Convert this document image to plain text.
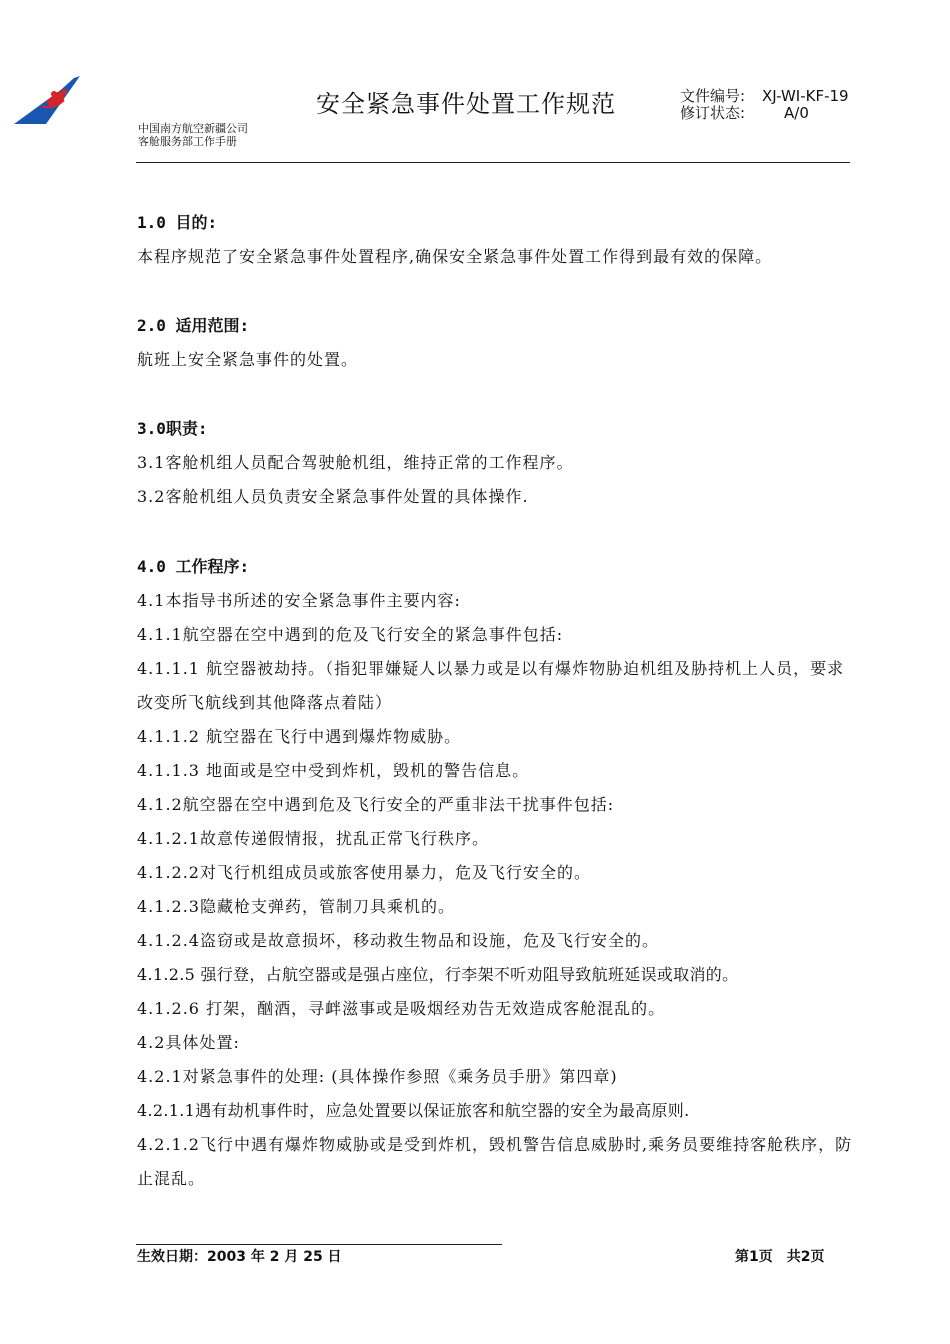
安全紧急事件处置工作规范	文件编号: XJ-WI-KF-19
修订状态:	A/0
中国南方航空新疆公司
客舱服务部工作手册
1.0 目的:
本程序规范了安全紧急事件处置程序,确保安全紧急事件处置工作得到最有效的保障。
2.0 适用范围:
航班上安全紧急事件的处置。
3.0职责:
3.1客舱机组人员配合驾驶舱机组，维持正常的工作程序。
3.2客舱机组人员负责安全紧急事件处置的具体操作.
4.0 工作程序:
4.1本指导书所述的安全紧急事件主要内容:
4.1.1航空器在空中遇到的危及飞行安全的紧急事件包括:
4.1.1.1 航空器被劫持。（指犯罪嫌疑人以暴力或是以有爆炸物胁迫机组及胁持机上人员，要求改变所飞航线到其他降落点着陆）
4.1.1.2 航空器在飞行中遇到爆炸物威胁。
4.1.1.3 地面或是空中受到炸机，毁机的警告信息。
4.1.2航空器在空中遇到危及飞行安全的严重非法干扰事件包括:
4.1.2.1故意传递假情报，扰乱正常飞行秩序。
4.1.2.2对飞行机组成员或旅客使用暴力，危及飞行安全的。
4.1.2.3隐藏枪支弹药，管制刀具乘机的。
4.1.2.4盗窃或是故意损坏，移动救生物品和设施，危及飞行安全的。
4.1.2.5 强行登，占航空器或是强占座位，行李架不听劝阻导致航班延误或取消的。
4.1.2.6 打架，酗酒，寻衅滋事或是吸烟经劝告无效造成客舱混乱的。
4.2具体处置:
4.2.1对紧急事件的处理: (具体操作参照《乘务员手册》第四章)
4.2.1.1遇有劫机事件时，应急处置要以保证旅客和航空器的安全为最高原则.
4.2.1.2飞行中遇有爆炸物威胁或是受到炸机，毁机警告信息威胁时,乘务员要维持客舱秩序，防止混乱。
生效日期：2003 年 2 月 25 日	第1页　共2页
